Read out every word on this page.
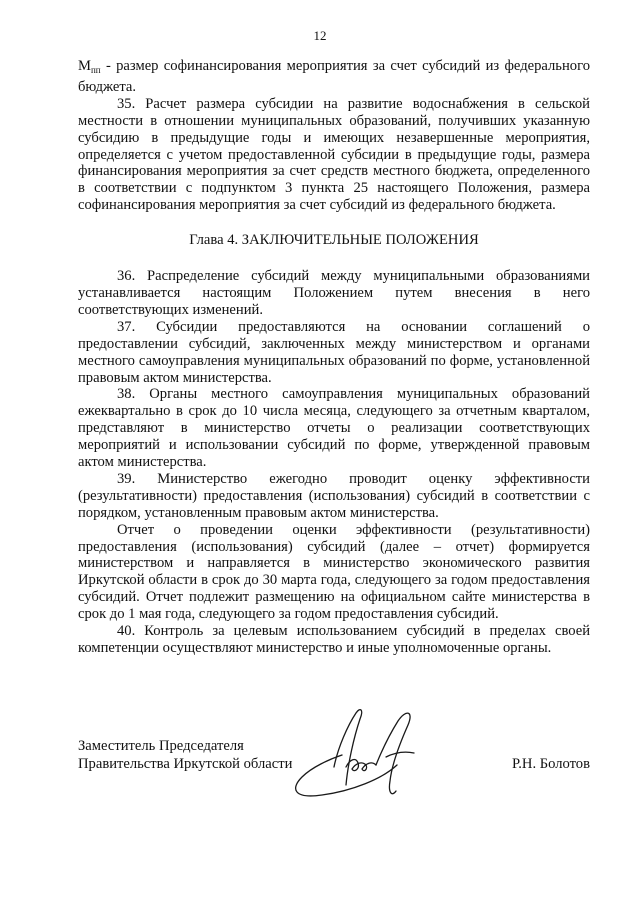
12

$M_{пп}$ - размер софинансирования мероприятия за счет субсидий из федерального бюджета.

35. Расчет размера субсидии на развитие водоснабжения в сельской местности в отношении муниципальных образований, получивших указанную субсидию в предыдущие годы и имеющих незавершенные мероприятия, определяется с учетом предоставленной субсидии в предыдущие годы, размера финансирования мероприятия за счет средств местного бюджета, определенного в соответствии с подпунктом 3 пункта 25 настоящего Положения, размера софинансирования мероприятия за счет субсидий из федерального бюджета.

Глава 4. ЗАКЛЮЧИТЕЛЬНЫЕ ПОЛОЖЕНИЯ

36. Распределение субсидий между муниципальными образованиями устанавливается настоящим Положением путем внесения в него соответствующих изменений.

37. Субсидии предоставляются на основании соглашений о предоставлении субсидий, заключенных между министерством и органами местного самоуправления муниципальных образований по форме, установленной правовым актом министерства.

38. Органы местного самоуправления муниципальных образований ежеквартально в срок до 10 числа месяца, следующего за отчетным кварталом, представляют в министерство отчеты о реализации соответствующих мероприятий и использовании субсидий по форме, утвержденной правовым актом министерства.

39. Министерство ежегодно проводит оценку эффективности (результативности) предоставления (использования) субсидий в соответствии с порядком, установленным правовым актом министерства.

Отчет о проведении оценки эффективности (результативности) предоставления (использования) субсидий (далее – отчет) формируется министерством и направляется в министерство экономического развития Иркутской области в срок до 30 марта года, следующего за годом предоставления субсидий. Отчет подлежит размещению на официальном сайте министерства в срок до 1 мая года, следующего за годом предоставления субсидий.

40. Контроль за целевым использованием субсидий в пределах своей компетенции осуществляют министерство и иные уполномоченные органы.

Заместитель Председателя
Правительства Иркутской области	Р.Н. Болотов
